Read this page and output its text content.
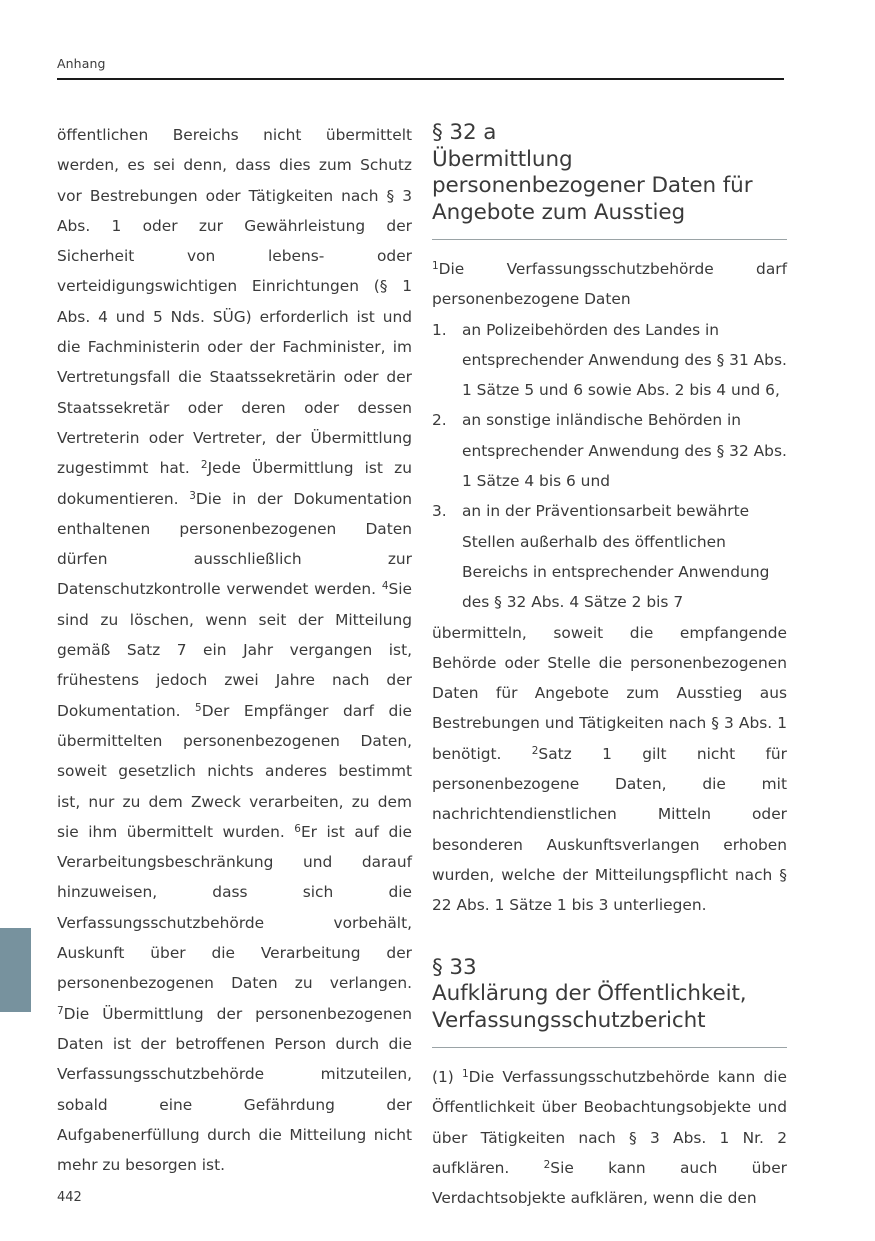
Anhang

öffentlichen Bereichs nicht übermittelt werden, es sei denn, dass dies zum Schutz vor Bestrebungen oder Tätigkeiten nach § 3 Abs. 1 oder zur Gewährleistung der Sicherheit von lebens- oder verteidigungswichtigen Einrichtungen (§ 1 Abs. 4 und 5 Nds. SÜG) erforderlich ist und die Fachministerin oder der Fachminister, im Vertretungsfall die Staatssekretärin oder der Staatssekretär oder deren oder dessen Vertreterin oder Vertreter, der Übermittlung zugestimmt hat. $^2$Jede Übermittlung ist zu dokumentieren. $^3$Die in der Dokumentation enthaltenen personenbezogenen Daten dürfen ausschließlich zur Datenschutzkontrolle verwendet werden. $^4$Sie sind zu löschen, wenn seit der Mitteilung gemäß Satz 7 ein Jahr vergangen ist, frühestens jedoch zwei Jahre nach der Dokumentation. $^5$Der Empfänger darf die übermittelten personenbezogenen Daten, soweit gesetzlich nichts anderes bestimmt ist, nur zu dem Zweck verarbeiten, zu dem sie ihm übermittelt wurden. $^6$Er ist auf die Verarbeitungsbeschränkung und darauf hinzuweisen, dass sich die Verfassungsschutzbehörde vorbehält, Auskunft über die Verarbeitung der personenbezogenen Daten zu verlangen. $^7$Die Übermittlung der personenbezogenen Daten ist der betroffenen Person durch die Verfassungsschutzbehörde mitzuteilen, sobald eine Gefährdung der Aufgabenerfüllung durch die Mitteilung nicht mehr zu besorgen ist.

§ 32 a
Übermittlung personenbezogener Daten für Angebote zum Ausstieg

$^1$Die Verfassungsschutzbehörde darf personenbezogene Daten

1. an Polizeibehörden des Landes in entsprechender Anwendung des § 31 Abs. 1 Sätze 5 und 6 sowie Abs. 2 bis 4 und 6,
2. an sonstige inländische Behörden in entsprechender Anwendung des § 32 Abs. 1 Sätze 4 bis 6 und
3. an in der Präventionsarbeit bewährte Stellen außerhalb des öffentlichen Bereichs in entsprechender Anwendung des § 32 Abs. 4 Sätze 2 bis 7

übermitteln, soweit die empfangende Behörde oder Stelle die personenbezogenen Daten für Angebote zum Ausstieg aus Bestrebungen und Tätigkeiten nach § 3 Abs. 1 benötigt. $^2$Satz 1 gilt nicht für personenbezogene Daten, die mit nachrichtendienstlichen Mitteln oder besonderen Auskunftsverlangen erhoben wurden, welche der Mitteilungspflicht nach § 22 Abs. 1 Sätze 1 bis 3 unterliegen.

§ 33
Aufklärung der Öffentlichkeit, Verfassungsschutzbericht

(1) $^1$Die Verfassungsschutzbehörde kann die Öffentlichkeit über Beobachtungsobjekte und über Tätigkeiten nach § 3 Abs. 1 Nr. 2 aufklären. $^2$Sie kann auch über Verdachtsobjekte aufklären, wenn die den

442
